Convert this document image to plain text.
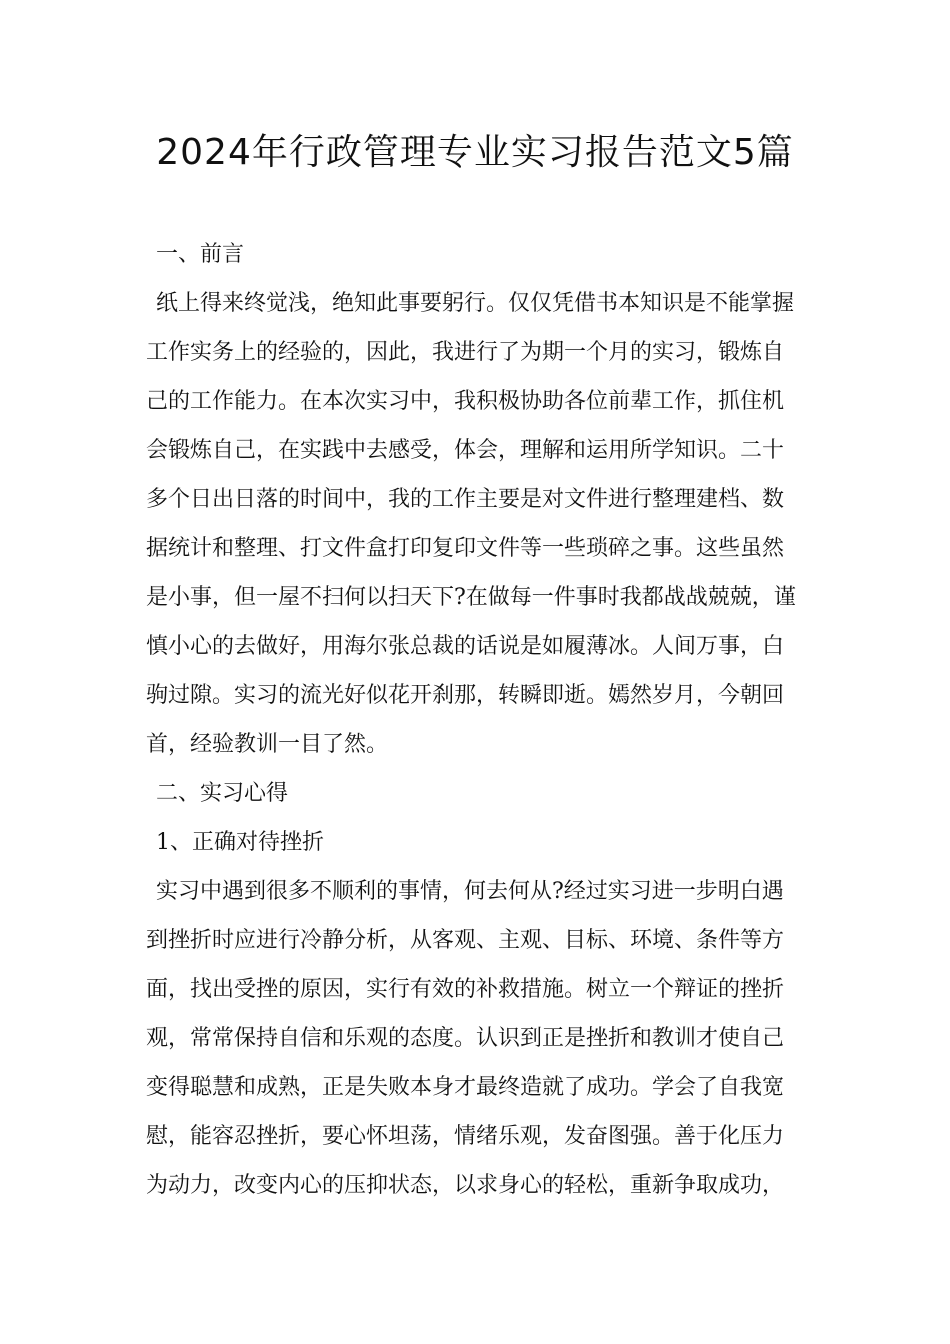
2024年行政管理专业实习报告范文5篇

一、前言

纸上得来终觉浅，绝知此事要躬行。仅仅凭借书本知识是不能掌握

工作实务上的经验的，因此，我进行了为期一个月的实习，锻炼自

己的工作能力。在本次实习中，我积极协助各位前辈工作，抓住机

会锻炼自己，在实践中去感受，体会，理解和运用所学知识。二十

多个日出日落的时间中，我的工作主要是对文件进行整理建档、数

据统计和整理、打文件盒打印复印文件等一些琐碎之事。这些虽然

是小事，但一屋不扫何以扫天下?在做每一件事时我都战战兢兢，谨

慎小心的去做好，用海尔张总裁的话说是如履薄冰。人间万事，白

驹过隙。实习的流光好似花开刹那，转瞬即逝。嫣然岁月，今朝回

首，经验教训一目了然。

二、实习心得

1、正确对待挫折

实习中遇到很多不顺利的事情，何去何从?经过实习进一步明白遇

到挫折时应进行冷静分析，从客观、主观、目标、环境、条件等方

面，找出受挫的原因，实行有效的补救措施。树立一个辩证的挫折

观，常常保持自信和乐观的态度。认识到正是挫折和教训才使自己

变得聪慧和成熟，正是失败本身才最终造就了成功。学会了自我宽

慰，能容忍挫折，要心怀坦荡，情绪乐观，发奋图强。善于化压力

为动力，改变内心的压抑状态，以求身心的轻松，重新争取成功，
